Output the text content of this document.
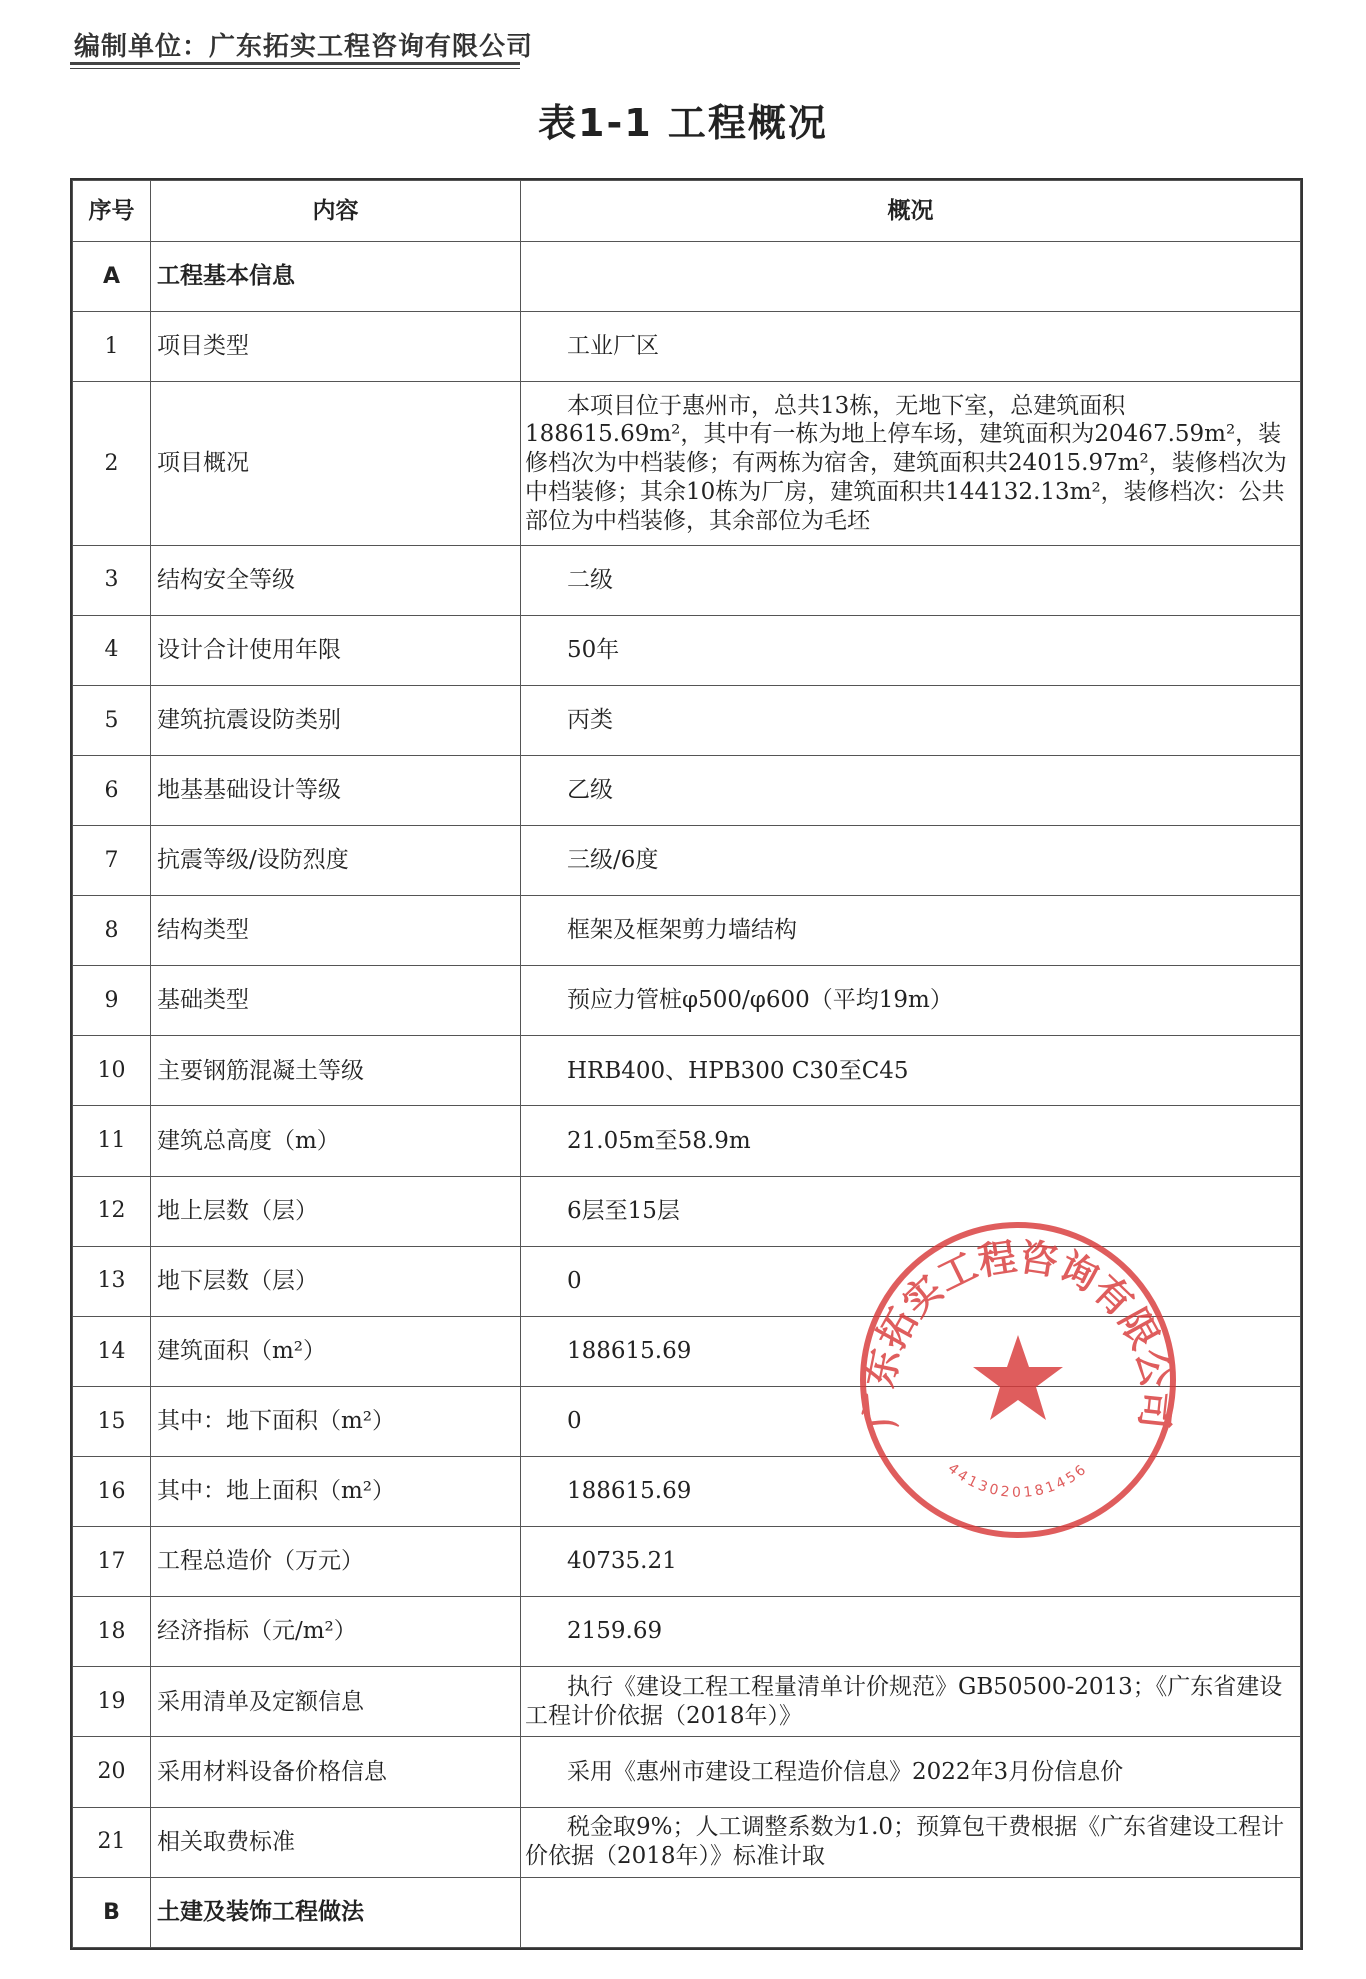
编制单位：广东拓实工程咨询有限公司
表1-1 工程概况
序号	内容	概况
A	工程基本信息	
1	项目类型	工业厂区
2	项目概况	本项目位于惠州市，总共13栋，无地下室，总建筑面积188615.69m²，其中有一栋为地上停车场，建筑面积为20467.59m²，装修档次为中档装修；有两栋为宿舍，建筑面积共24015.97m²，装修档次为中档装修；其余10栋为厂房，建筑面积共144132.13m²，装修档次：公共部位为中档装修，其余部位为毛坯
3	结构安全等级	二级
4	设计合计使用年限	50年
5	建筑抗震设防类别	丙类
6	地基基础设计等级	乙级
7	抗震等级/设防烈度	三级/6度
8	结构类型	框架及框架剪力墙结构
9	基础类型	预应力管桩φ500/φ600（平均19m）
10	主要钢筋混凝土等级	HRB400、HPB300 C30至C45
11	建筑总高度（m）	21.05m至58.9m
12	地上层数（层）	6层至15层
13	地下层数（层）	0
14	建筑面积（m²）	188615.69
15	其中：地下面积（m²）	0
16	其中：地上面积（m²）	188615.69
17	工程总造价（万元）	40735.21
18	经济指标（元/m²）	2159.69
19	采用清单及定额信息	执行《建设工程工程量清单计价规范》GB50500-2013；《广东省建设工程计价依据（2018年）》
20	采用材料设备价格信息	采用《惠州市建设工程造价信息》2022年3月份信息价
21	相关取费标准	税金取9%；人工调整系数为1.0；预算包干费根据《广东省建设工程计价依据（2018年）》标准计取
B	土建及装饰工程做法	
广东拓实工程咨询有限公司
4413020181456
